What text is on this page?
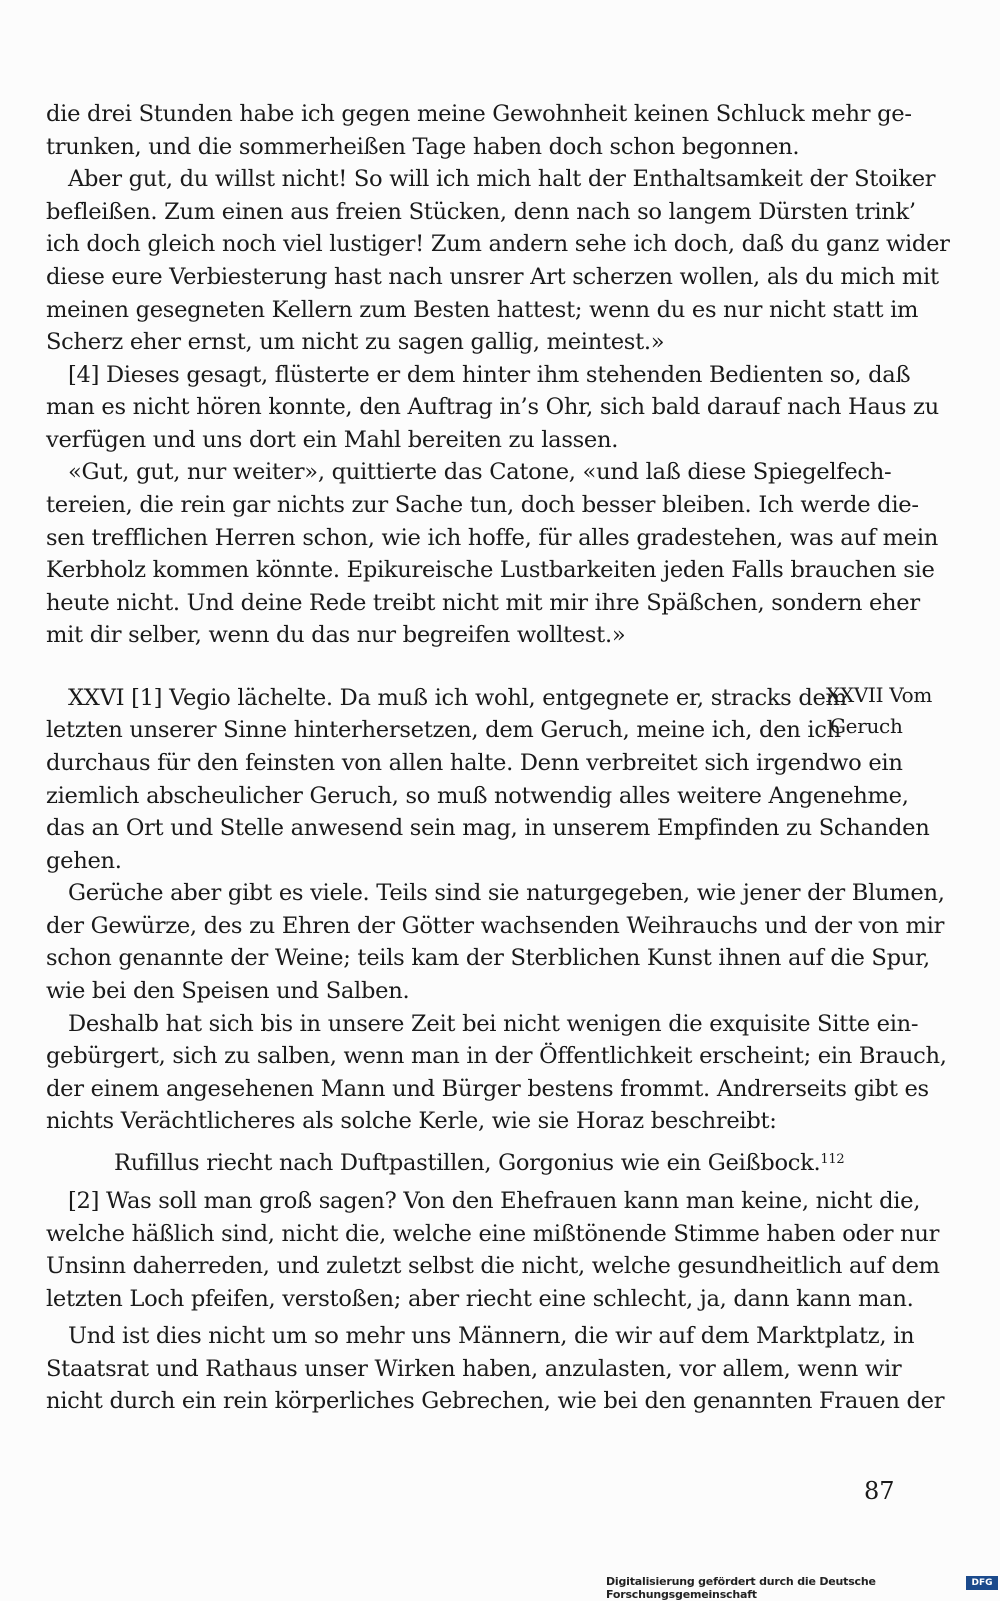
die drei Stunden habe ich gegen meine Gewohnheit keinen Schluck mehr ge-
trunken, und die sommerheißen Tage haben doch schon begonnen.
Aber gut, du willst nicht! So will ich mich halt der Enthaltsamkeit der Stoiker
befleißen. Zum einen aus freien Stücken, denn nach so langem Dürsten trink’
ich doch gleich noch viel lustiger! Zum andern sehe ich doch, daß du ganz wider
diese eure Verbiesterung hast nach unsrer Art scherzen wollen, als du mich mit
meinen gesegneten Kellern zum Besten hattest; wenn du es nur nicht statt im
Scherz eher ernst, um nicht zu sagen gallig, meintest.»
[4] Dieses gesagt, flüsterte er dem hinter ihm stehenden Bedienten so, daß
man es nicht hören konnte, den Auftrag in’s Ohr, sich bald darauf nach Haus zu
verfügen und uns dort ein Mahl bereiten zu lassen.
«Gut, gut, nur weiter», quittierte das Catone, «und laß diese Spiegelfech-
tereien, die rein gar nichts zur Sache tun, doch besser bleiben. Ich werde die-
sen trefflichen Herren schon, wie ich hoffe, für alles gradestehen, was auf mein
Kerbholz kommen könnte. Epikureische Lustbarkeiten jeden Falls brauchen sie
heute nicht. Und deine Rede treibt nicht mit mir ihre Späßchen, sondern eher
mit dir selber, wenn du das nur begreifen wolltest.»
XXVI [1] Vegio lächelte. Da muß ich wohl, entgegnete er, stracks dem
letzten unserer Sinne hinterhersetzen, dem Geruch, meine ich, den ich
durchaus für den feinsten von allen halte. Denn verbreitet sich irgendwo ein
ziemlich abscheulicher Geruch, so muß notwendig alles weitere Angenehme,
das an Ort und Stelle anwesend sein mag, in unserem Empfinden zu Schanden
gehen.
Gerüche aber gibt es viele. Teils sind sie naturgegeben, wie jener der Blumen,
der Gewürze, des zu Ehren der Götter wachsenden Weihrauchs und der von mir
schon genannte der Weine; teils kam der Sterblichen Kunst ihnen auf die Spur,
wie bei den Speisen und Salben.
Deshalb hat sich bis in unsere Zeit bei nicht wenigen die exquisite Sitte ein-
gebürgert, sich zu salben, wenn man in der Öffentlichkeit erscheint; ein Brauch,
der einem angesehenen Mann und Bürger bestens frommt. Andrerseits gibt es
nichts Verächtlicheres als solche Kerle, wie sie Horaz beschreibt:
[2] Was soll man groß sagen? Von den Ehefrauen kann man keine, nicht die,
welche häßlich sind, nicht die, welche eine mißtönende Stimme haben oder nur
Unsinn daherreden, und zuletzt selbst die nicht, welche gesundheitlich auf dem
letzten Loch pfeifen, verstoßen; aber riecht eine schlecht, ja, dann kann man.
Und ist dies nicht um so mehr uns Männern, die wir auf dem Marktplatz, in
Staatsrat und Rathaus unser Wirken haben, anzulasten, vor allem, wenn wir
nicht durch ein rein körperliches Gebrechen, wie bei den genannten Frauen der
Rufillus riecht nach Duftpastillen, Gorgonius wie ein Geißbock.$^{112}$
XXVII Vom
Geruch
87
Digitalisierung gefördert durch die Deutsche Forschungsgemeinschaft
DFG
